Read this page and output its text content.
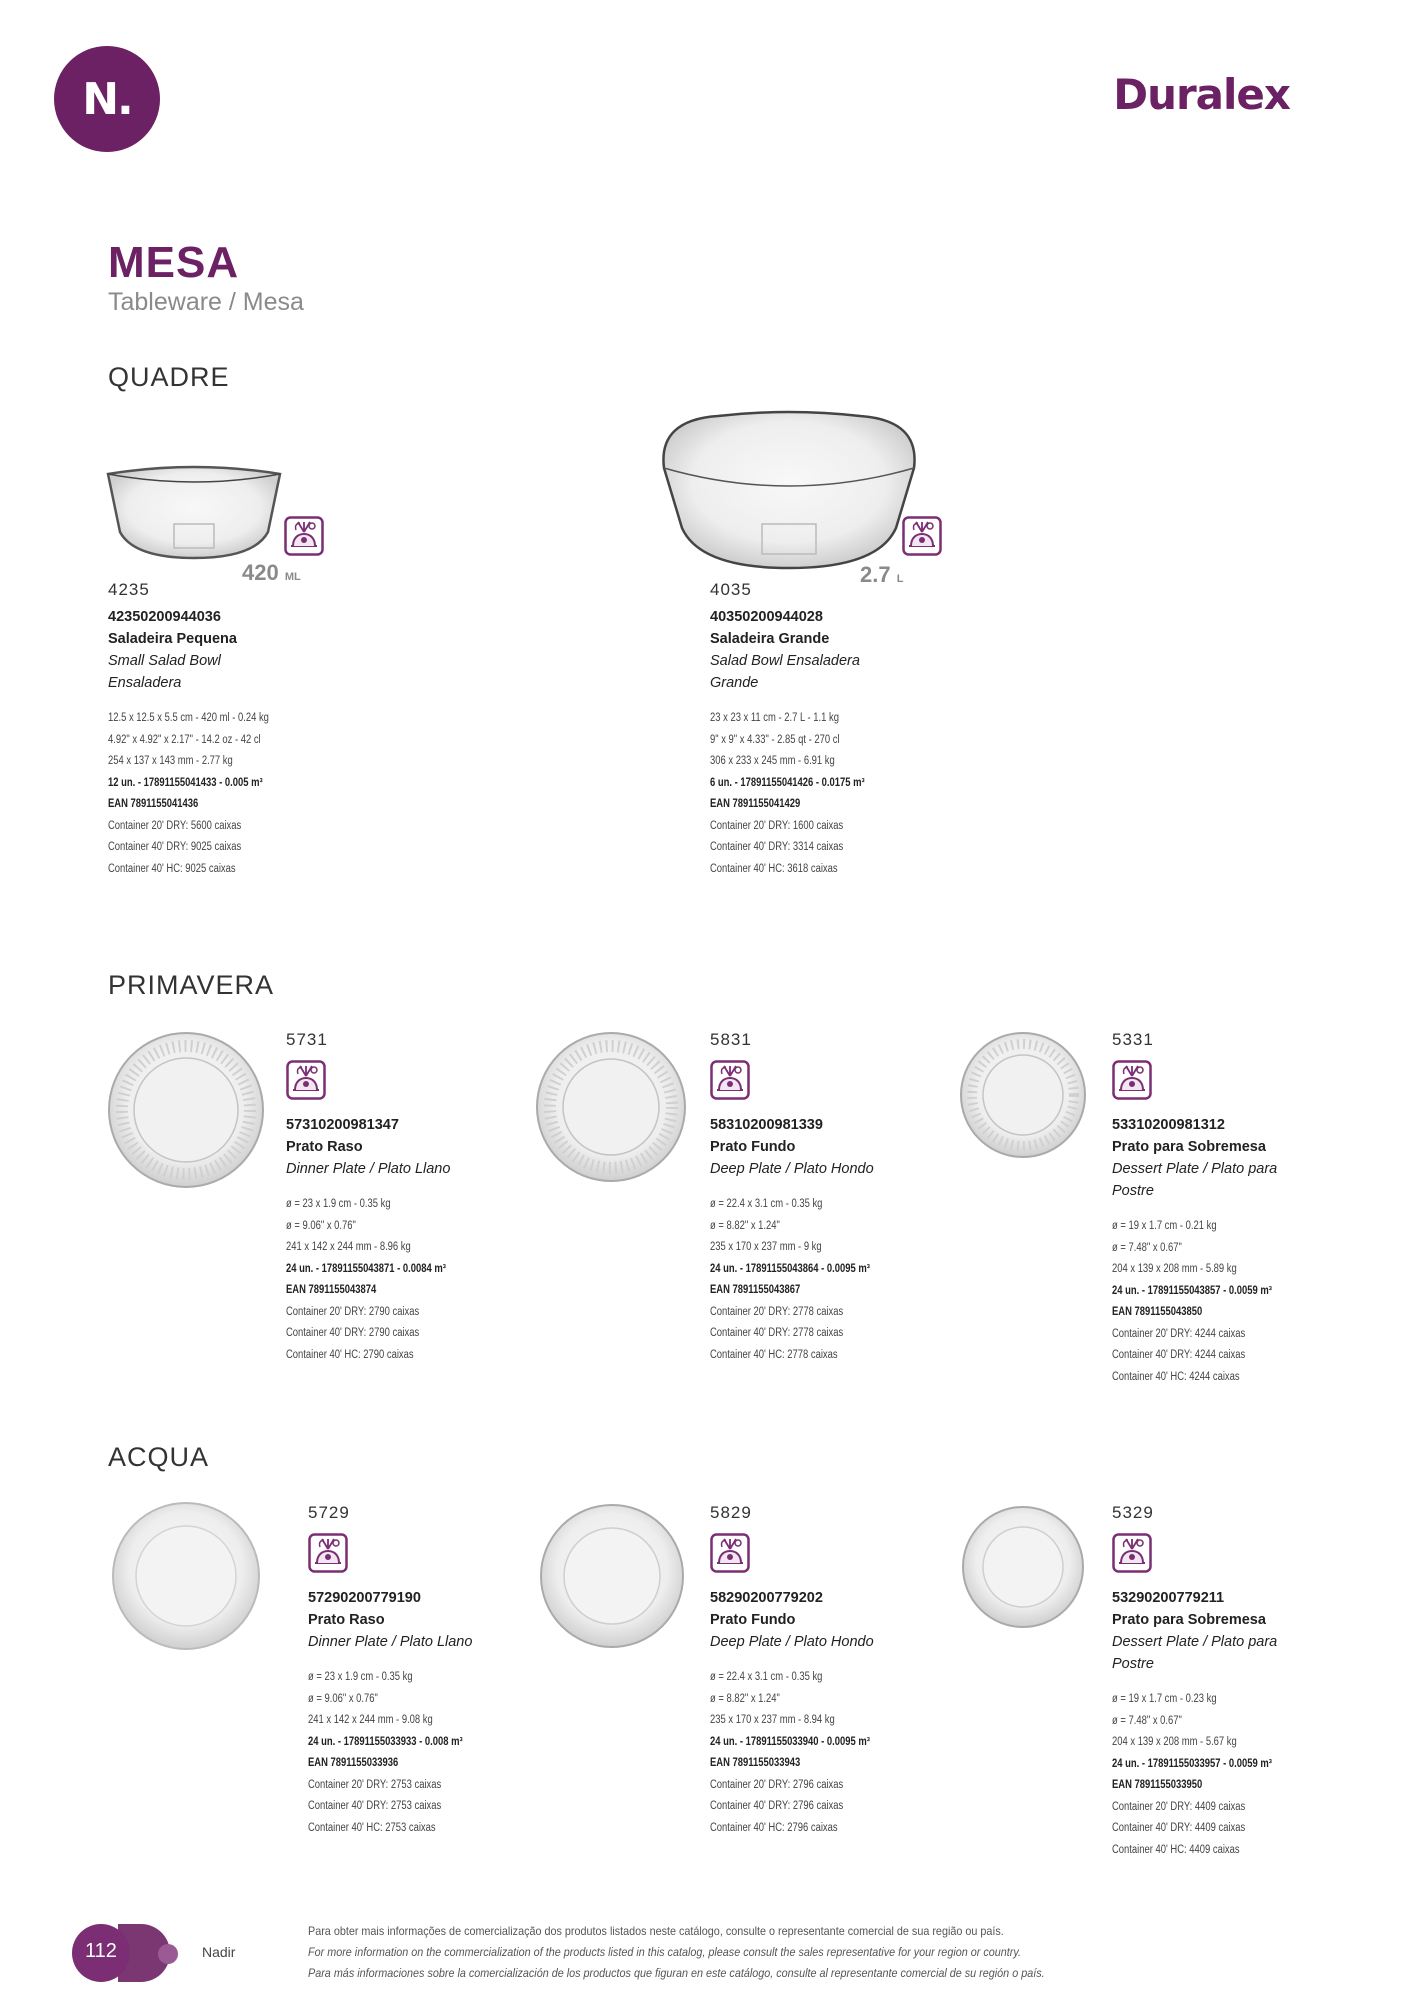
N.	Duralex
MESA
Tableware / Mesa
QUADRE
420 ML
4235
42350200944036
Saladeira Pequena
Small Salad Bowl
Ensaladera
12.5 x 12.5 x 5.5 cm - 420 ml - 0.24 kg
4.92" x 4.92" x 2.17" - 14.2 oz - 42 cl
254 x 137 x 143 mm - 2.77 kg
12 un. - 17891155041433 - 0.005 m³
EAN 7891155041436
Container 20' DRY: 5600 caixas
Container 40' DRY: 9025 caixas
Container 40' HC: 9025 caixas
2.7 L
4035
40350200944028
Saladeira Grande
Salad Bowl Ensaladera
Grande
23 x 23 x 11 cm - 2.7 L - 1.1 kg
9" x 9" x 4.33" - 2.85 qt - 270 cl
306 x 233 x 245 mm - 6.91 kg
6 un. - 17891155041426 - 0.0175 m³
EAN 7891155041429
Container 20' DRY: 1600 caixas
Container 40' DRY: 3314 caixas
Container 40' HC: 3618 caixas
PRIMAVERA
5731
57310200981347
Prato Raso
Dinner Plate / Plato Llano
ø = 23 x 1.9 cm - 0.35 kg
ø = 9.06" x 0.76"
241 x 142 x 244 mm - 8.96 kg
24 un. - 17891155043871 - 0.0084 m³
EAN 7891155043874
Container 20' DRY: 2790 caixas
Container 40' DRY: 2790 caixas
Container 40' HC: 2790 caixas
5831
58310200981339
Prato Fundo
Deep Plate / Plato Hondo
ø = 22.4 x 3.1 cm - 0.35 kg
ø = 8.82" x 1.24"
235 x 170 x 237 mm - 9 kg
24 un. - 17891155043864 - 0.0095 m³
EAN 7891155043867
Container 20' DRY: 2778 caixas
Container 40' DRY: 2778 caixas
Container 40' HC: 2778 caixas
5331
53310200981312
Prato para Sobremesa
Dessert Plate / Plato para
Postre
ø = 19 x 1.7 cm - 0.21 kg
ø = 7.48" x 0.67"
204 x 139 x 208 mm - 5.89 kg
24 un. - 17891155043857 - 0.0059 m³
EAN 7891155043850
Container 20' DRY: 4244 caixas
Container 40' DRY: 4244 caixas
Container 40' HC: 4244 caixas
ACQUA
5729
57290200779190
Prato Raso
Dinner Plate / Plato Llano
ø = 23 x 1.9 cm - 0.35 kg
ø = 9.06" x 0.76"
241 x 142 x 244 mm - 9.08 kg
24 un. - 17891155033933 - 0.008 m³
EAN 7891155033936
Container 20' DRY: 2753 caixas
Container 40' DRY: 2753 caixas
Container 40' HC: 2753 caixas
5829
58290200779202
Prato Fundo
Deep Plate / Plato Hondo
ø = 22.4 x 3.1 cm - 0.35 kg
ø = 8.82" x 1.24"
235 x 170 x 237 mm - 8.94 kg
24 un. - 17891155033940 - 0.0095 m³
EAN 7891155033943
Container 20' DRY: 2796 caixas
Container 40' DRY: 2796 caixas
Container 40' HC: 2796 caixas
5329
53290200779211
Prato para Sobremesa
Dessert Plate / Plato para
Postre
ø = 19 x 1.7 cm - 0.23 kg
ø = 7.48" x 0.67"
204 x 139 x 208 mm - 5.67 kg
24 un. - 17891155033957 - 0.0059 m³
EAN 7891155033950
Container 20' DRY: 4409 caixas
Container 40' DRY: 4409 caixas
Container 40' HC: 4409 caixas
112	Nadir
Para obter mais informações de comercialização dos produtos listados neste catálogo, consulte o representante comercial de sua região ou país.
For more information on the commercialization of the products listed in this catalog, please consult the sales representative for your region or country.
Para más informaciones sobre la comercialización de los productos que figuran en este catálogo, consulte al representante comercial de su región o país.
